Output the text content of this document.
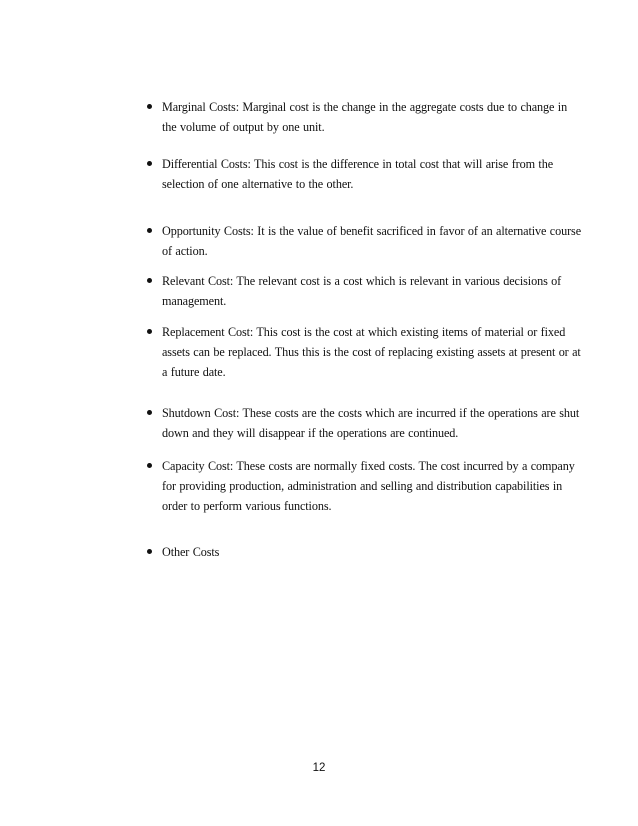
Marginal Costs: Marginal cost is the change in the aggregate costs due to change in the volume of output by one unit.
Differential Costs: This cost is the difference in total cost that will arise from the selection of one alternative to the other.
Opportunity Costs: It is the value of benefit sacrificed in favor of an alternative course of action.
Relevant Cost: The relevant cost is a cost which is relevant in various decisions of management.
Replacement Cost: This cost is the cost at which existing items of material or fixed assets can be replaced. Thus this is the cost of replacing existing assets at present or at a future date.
Shutdown Cost: These costs are the costs which are incurred if the operations are shut down and they will disappear if the operations are continued.
Capacity Cost: These costs are normally fixed costs. The cost incurred by a company for providing production, administration and selling and distribution capabilities in order to perform various functions.
Other Costs
12
